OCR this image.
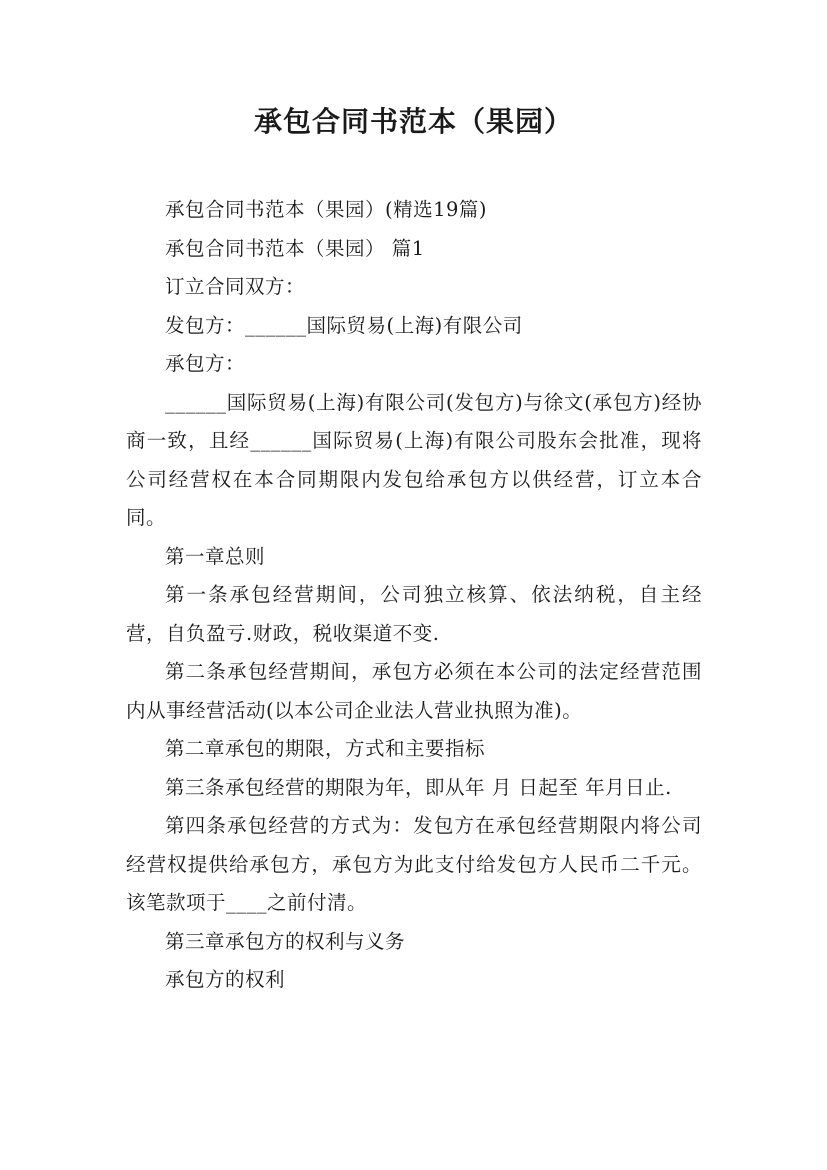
承包合同书范本（果园）

承包合同书范本（果园）(精选19篇)

承包合同书范本（果园） 篇1

订立合同双方：

发包方：______国际贸易(上海)有限公司

承包方：

______国际贸易(上海)有限公司(发包方)与徐文(承包方)经协商一致，且经______国际贸易(上海)有限公司股东会批准，现将公司经营权在本合同期限内发包给承包方以供经营，订立本合同。

第一章总则

第一条承包经营期间，公司独立核算、依法纳税，自主经营，自负盈亏.财政，税收渠道不变.

第二条承包经营期间，承包方必须在本公司的法定经营范围内从事经营活动(以本公司企业法人营业执照为准)。

第二章承包的期限，方式和主要指标

第三条承包经营的期限为年，即从年 月 日起至 年月日止.

第四条承包经营的方式为：发包方在承包经营期限内将公司经营权提供给承包方，承包方为此支付给发包方人民币二千元。该笔款项于____之前付清。

第三章承包方的权利与义务

承包方的权利
